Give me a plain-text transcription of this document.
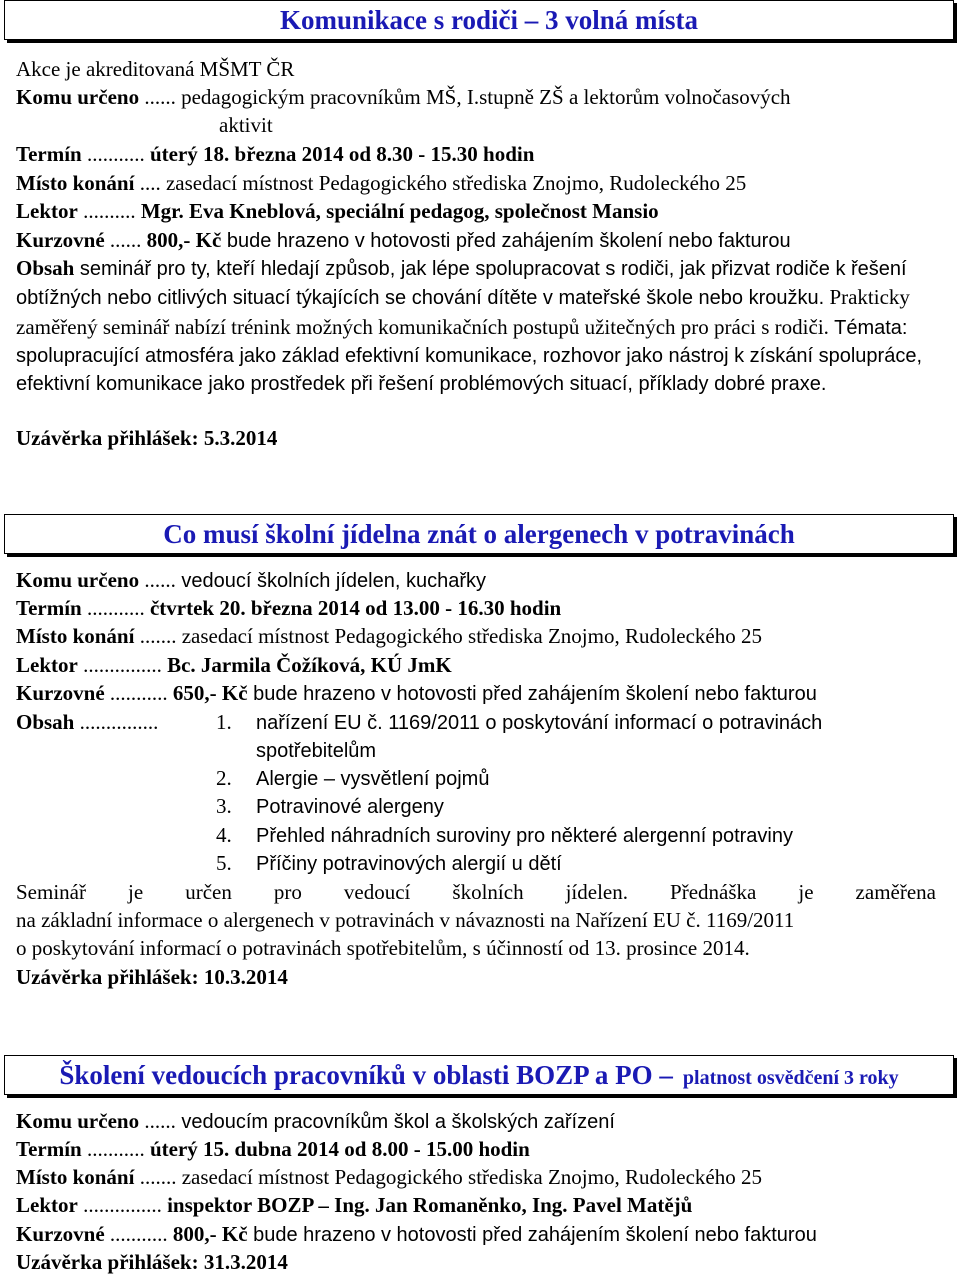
Komunikace s rodiči – 3 volná místa
Akce je akreditovaná MŠMT ČR
Komu určeno ...... pedagogickým pracovníkům MŠ, I.stupně ZŠ a lektorům volnočasových
aktivit
Termín ........... úterý 18. března 2014 od 8.30 - 15.30 hodin
Místo konání .... zasedací místnost Pedagogického střediska Znojmo, Rudoleckého 25
Lektor .......... Mgr. Eva Kneblová, speciální pedagog, společnost Mansio
Kurzovné ...... 800,- Kč bude hrazeno v hotovosti před zahájením školení nebo fakturou
Obsah seminář pro ty, kteří hledají způsob, jak lépe spolupracovat s rodiči, jak přizvat rodiče k řešení obtížných nebo citlivých situací týkajících se chování dítěte v mateřské škole nebo kroužku. Prakticky zaměřený seminář nabízí trénink možných komunikačních postupů užitečných pro práci s rodiči. Témata: spolupracující atmosféra jako základ efektivní komunikace, rozhovor jako nástroj k získání spolupráce, efektivní komunikace jako prostředek při řešení problémových situací, příklady dobré praxe.
Uzávěrka přihlášek: 5.3.2014
Co musí školní jídelna znát o alergenech v potravinách
Komu určeno ...... vedoucí školních jídelen, kuchařky
Termín ........... čtvrtek 20. března 2014 od 13.00 - 16.30 hodin
Místo konání ....... zasedací místnost Pedagogického střediska Znojmo, Rudoleckého 25
Lektor ............... Bc. Jarmila Čožíková, KÚ JmK
Kurzovné ........... 650,- Kč bude hrazeno v hotovosti před zahájením školení nebo fakturou
Obsah ...............	1. nařízení EU č. 1169/2011 o poskytování informací o potravinách
spotřebitelům
2. Alergie – vysvětlení pojmů
3. Potravinové alergeny
4. Přehled náhradních suroviny pro některé alergenní potraviny
5. Příčiny potravinových alergií u dětí
Seminář je určen pro vedoucí školních jídelen. Přednáška je zaměřena
na základní informace o alergenech v potravinách v návaznosti na Nařízení EU č. 1169/2011
o poskytování informací o potravinách spotřebitelům, s účinností od 13. prosince 2014.
Uzávěrka přihlášek: 10.3.2014
Školení vedoucích pracovníků v oblasti BOZP a PO – platnost osvědčení 3 roky
Komu určeno ...... vedoucím pracovníkům škol a školských zařízení
Termín ........... úterý 15. dubna 2014 od 8.00 - 15.00 hodin
Místo konání ....... zasedací místnost Pedagogického střediska Znojmo, Rudoleckého 25
Lektor ............... inspektor BOZP – Ing. Jan Romaněnko, Ing. Pavel Matějů
Kurzovné ........... 800,- Kč bude hrazeno v hotovosti před zahájením školení nebo fakturou
Uzávěrka přihlášek: 31.3.2014
